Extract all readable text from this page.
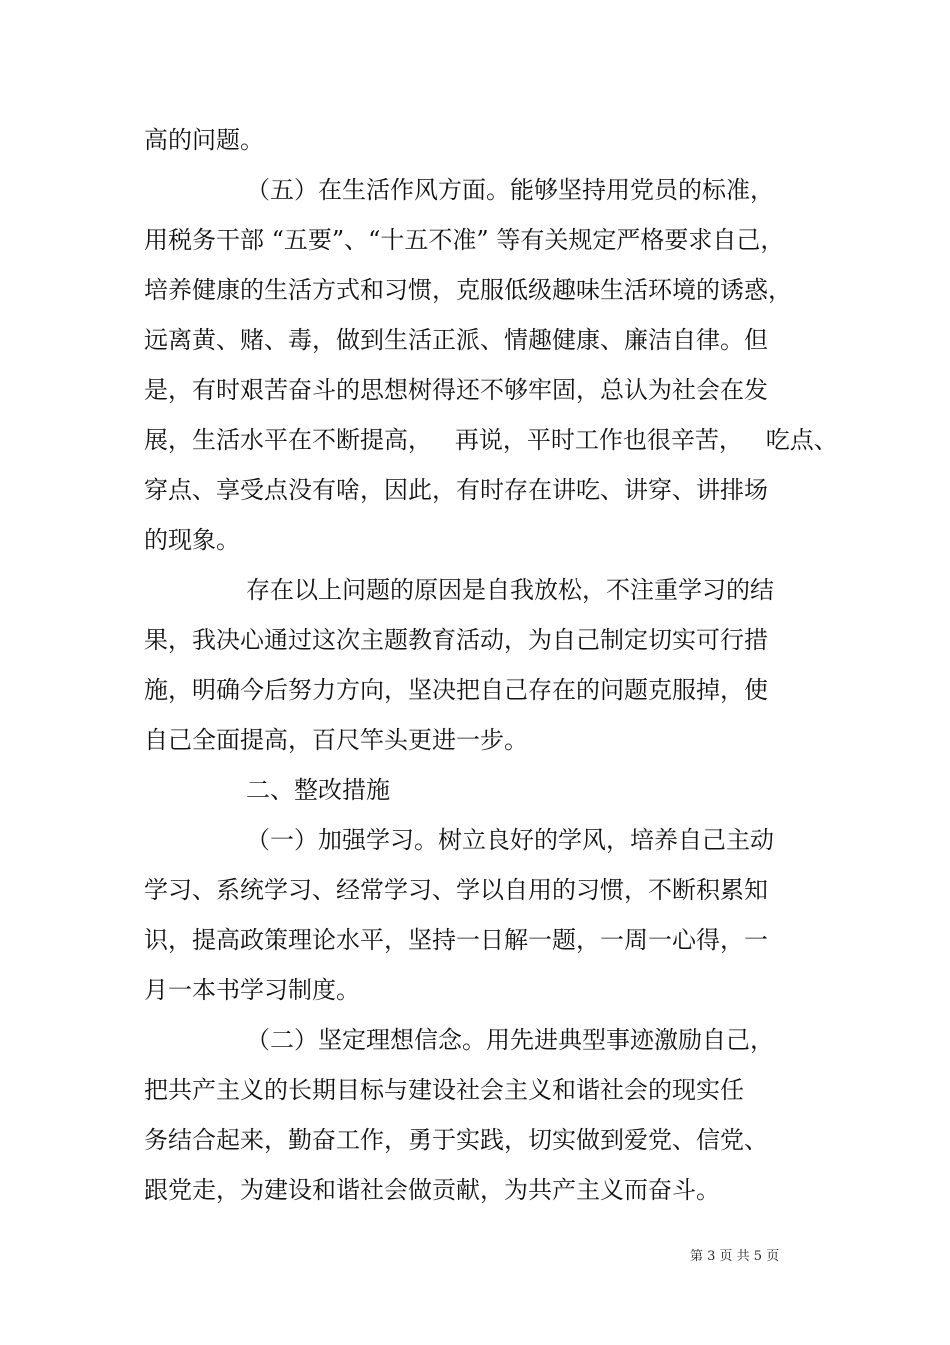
高的问题。
（五）在生活作风方面。能够坚持用党员的标准，
用税务干部 “五要”、“十五不准” 等有关规定严格要求自己，
培养健康的生活方式和习惯，克服低级趣味生活环境的诱惑，
远离黄、赌、毒，做到生活正派、情趣健康、廉洁自律。但
是，有时艰苦奋斗的思想树得还不够牢固，总认为社会在发
展，生活水平在不断提高，   再说，平时工作也很辛苦，   吃点、
穿点、享受点没有啥，因此，有时存在讲吃、讲穿、讲排场
的现象。
存在以上问题的原因是自我放松，不注重学习的结
果，我决心通过这次主题教育活动，为自己制定切实可行措
施，明确今后努力方向，坚决把自己存在的问题克服掉，使
自己全面提高，百尺竿头更进一步。
二、整改措施
（一）加强学习。树立良好的学风，培养自己主动
学习、系统学习、经常学习、学以自用的习惯，不断积累知
识，提高政策理论水平，坚持一日解一题，一周一心得，一
月一本书学习制度。
（二）坚定理想信念。用先进典型事迹激励自己，
把共产主义的长期目标与建设社会主义和谐社会的现实任
务结合起来，勤奋工作，勇于实践，切实做到爱党、信党、
跟党走，为建设和谐社会做贡献，为共产主义而奋斗。
第 3 页 共 5 页
